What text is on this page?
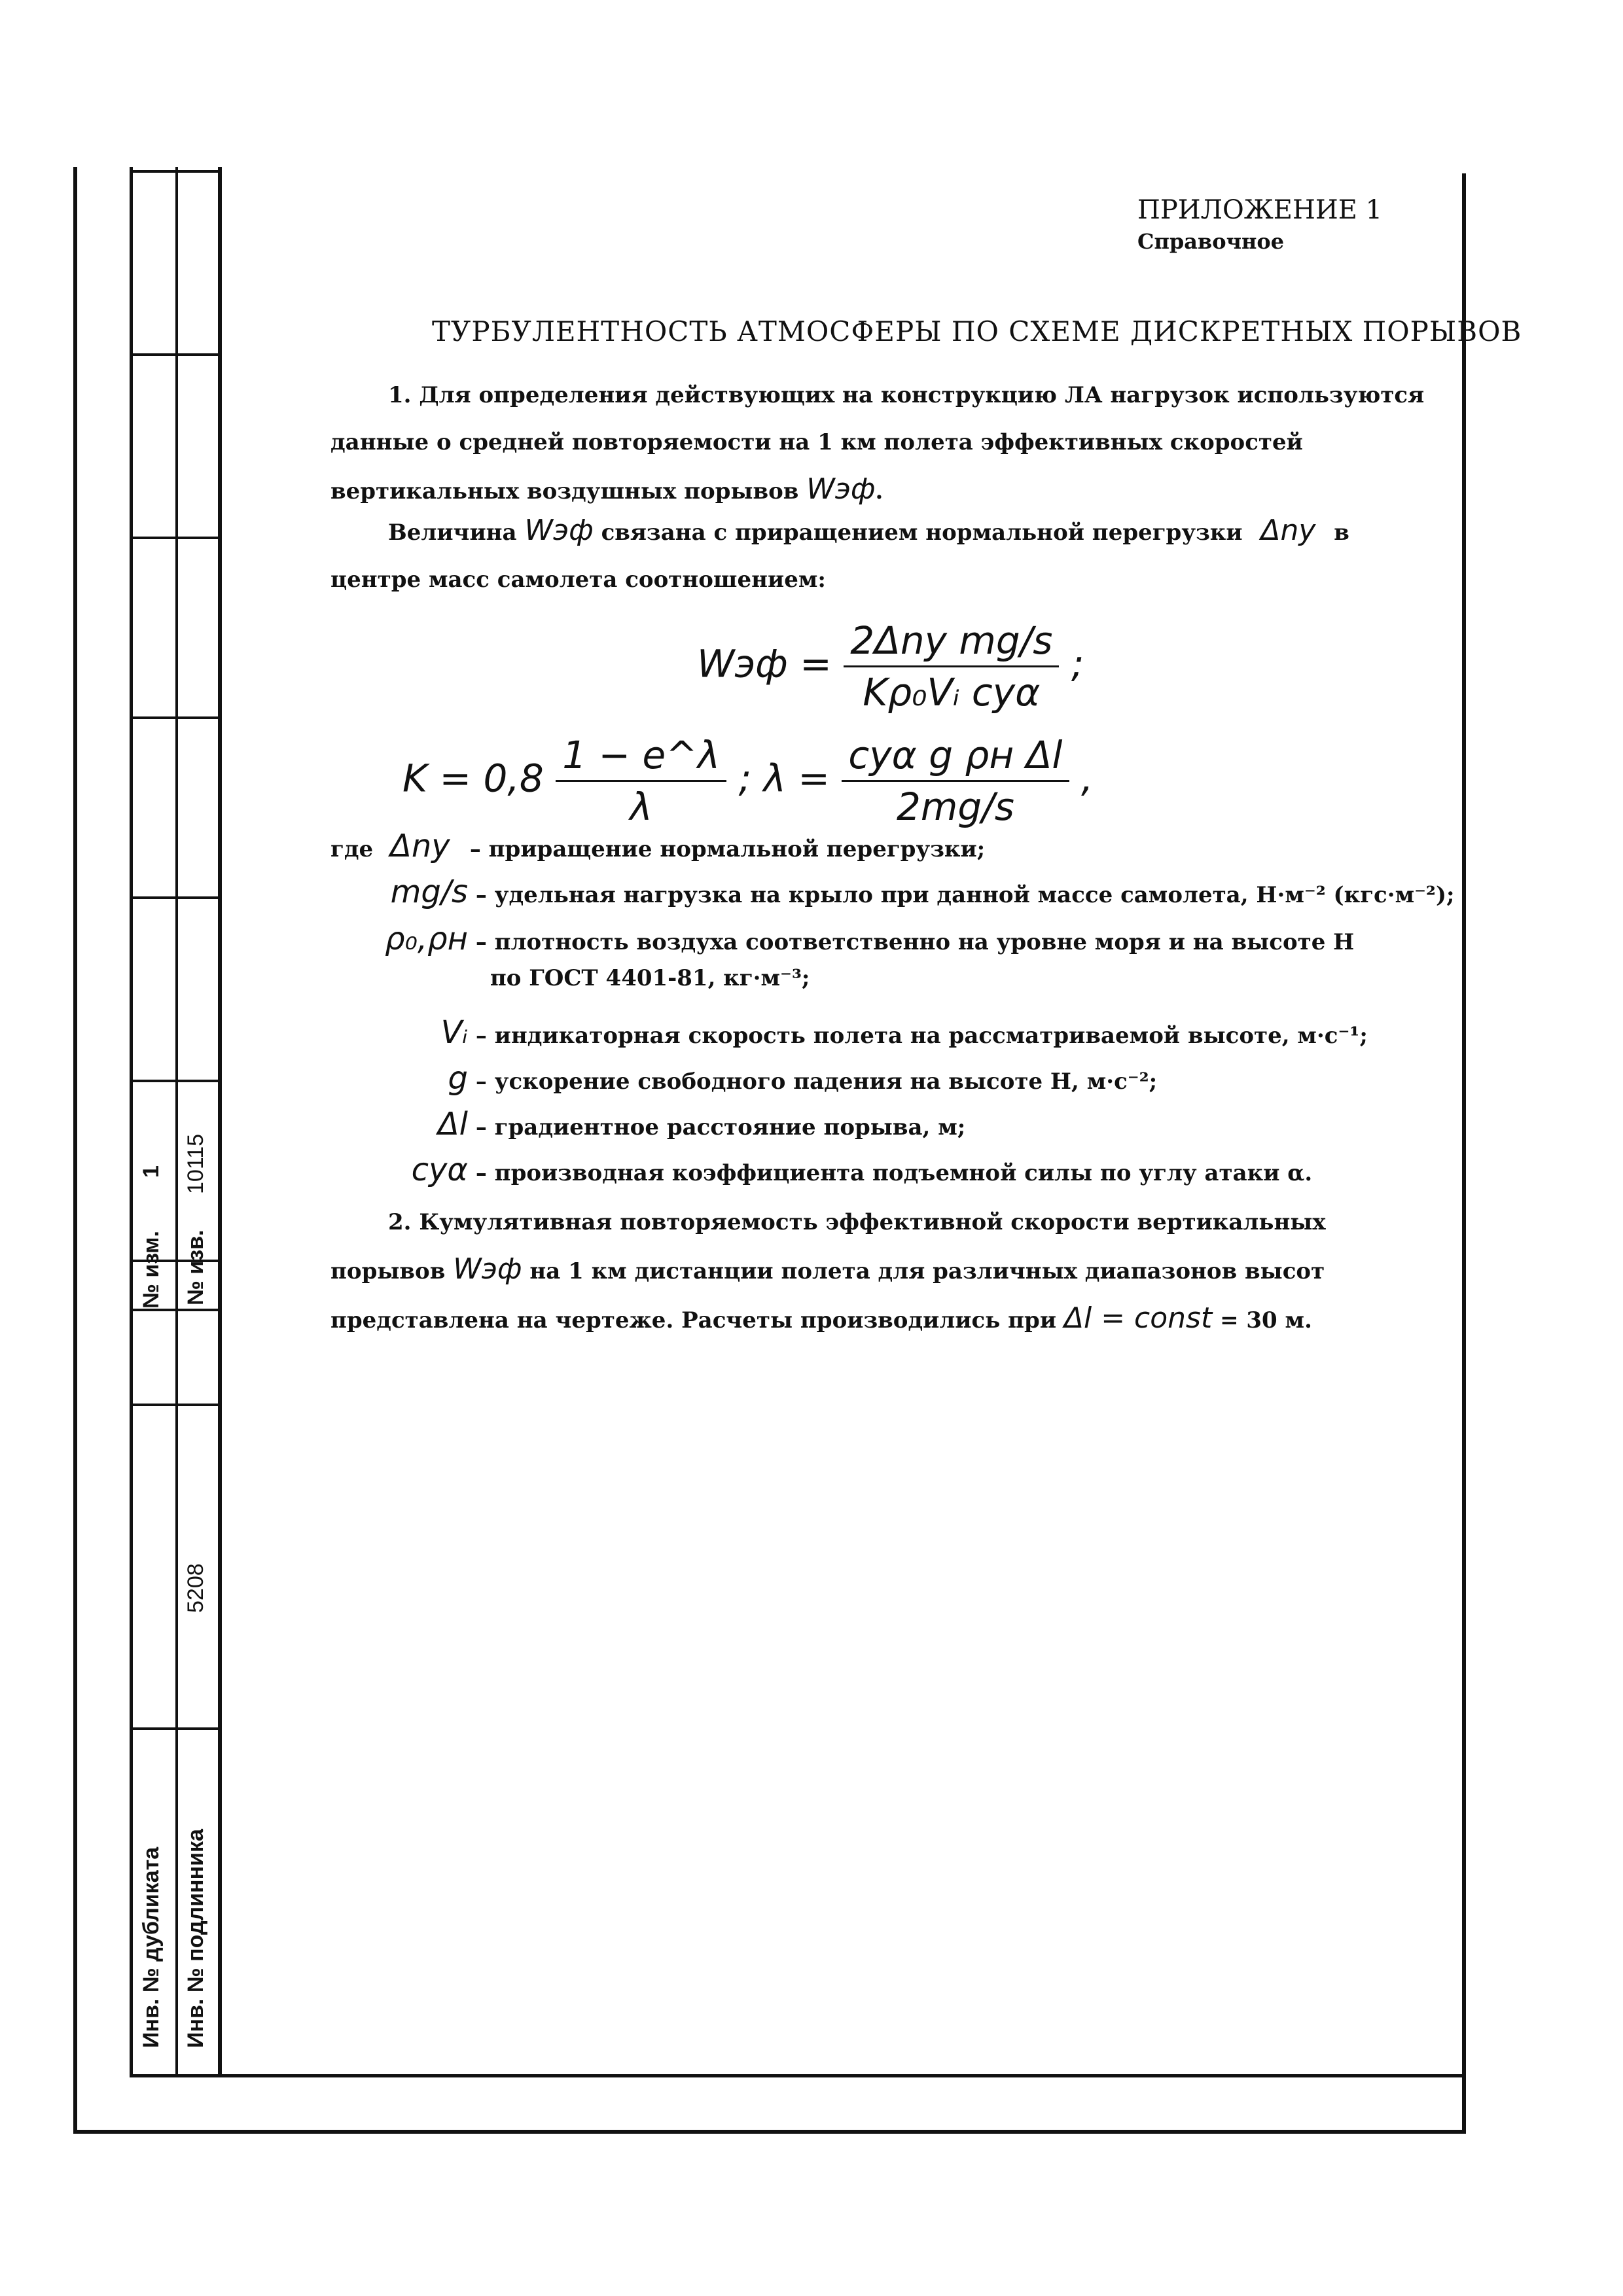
№ изм.
1
№ изв.
10115
5208
Инв. № дубликата Инв. № подлинника
ПРИЛОЖЕНИЕ 1
Справочное
ТУРБУЛЕНТНОСТЬ АТМОСФЕРЫ ПО СХЕМЕ ДИСКРЕТНЫХ ПОРЫВОВ
1. Для определения действующих на конструкцию ЛА нагрузок используются данные о средней повторяемости на 1 км полета эффективных скоростей вертикальных воздушных порывов Wэф.
Величина Wэф связана с приращением нормальной перегрузки Δny в центре масс самолета соотношением:
Wэф = $\frac{\text{2Δny mg/s}}{\text{Kρ₀Vᵢ cyα}}$ ;
$K = 0,8 \frac{1 - e\^{}\lambda}{\lambda}$ ; $\lambda = \frac{\text{cyα g ρн Δl}}{2mg/s}$ ,
где Δny – приращение нормальной перегрузки;
mg/s – удельная нагрузка на крыло при данной массе самолета, Н·м⁻² (кгс·м⁻²);
ρ₀,ρн – плотность воздуха соответственно на уровне моря и на высоте H
по ГОСТ 4401-81, кг·м⁻³;
Vᵢ – индикаторная скорость полета на рассматриваемой высоте, м·с⁻¹;
g – ускорение свободного падения на высоте H, м·с⁻²;
Δl – градиентное расстояние порыва, м;
cyα – производная коэффициента подъемной силы по углу атаки α.
2. Кумулятивная повторяемость эффективной скорости вертикальных порывов Wэф на 1 км дистанции полета для различных диапазонов высот представлена на чертеже. Расчеты производились при Δl = const = 30 м.
